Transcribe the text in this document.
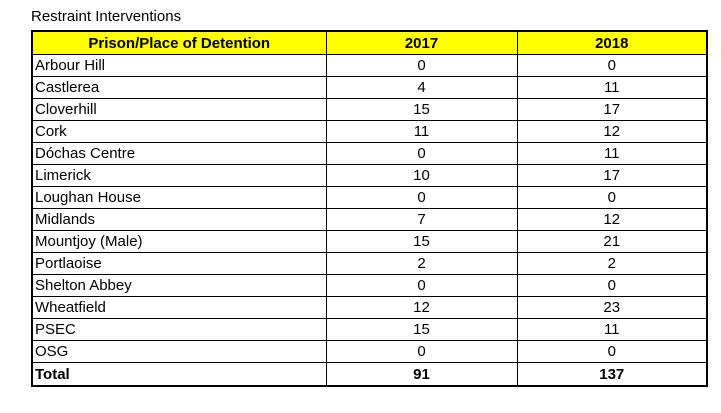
Restraint Interventions
Prison/Place of Detention	2017	2018
Arbour Hill	0	0
Castlerea	4	11
Cloverhill	15	17
Cork	11	12
Dóchas Centre	0	11
Limerick	10	17
Loughan House	0	0
Midlands	7	12
Mountjoy (Male)	15	21
Portlaoise	2	2
Shelton Abbey	0	0
Wheatfield	12	23
PSEC	15	11
OSG	0	0
Total	91	137
